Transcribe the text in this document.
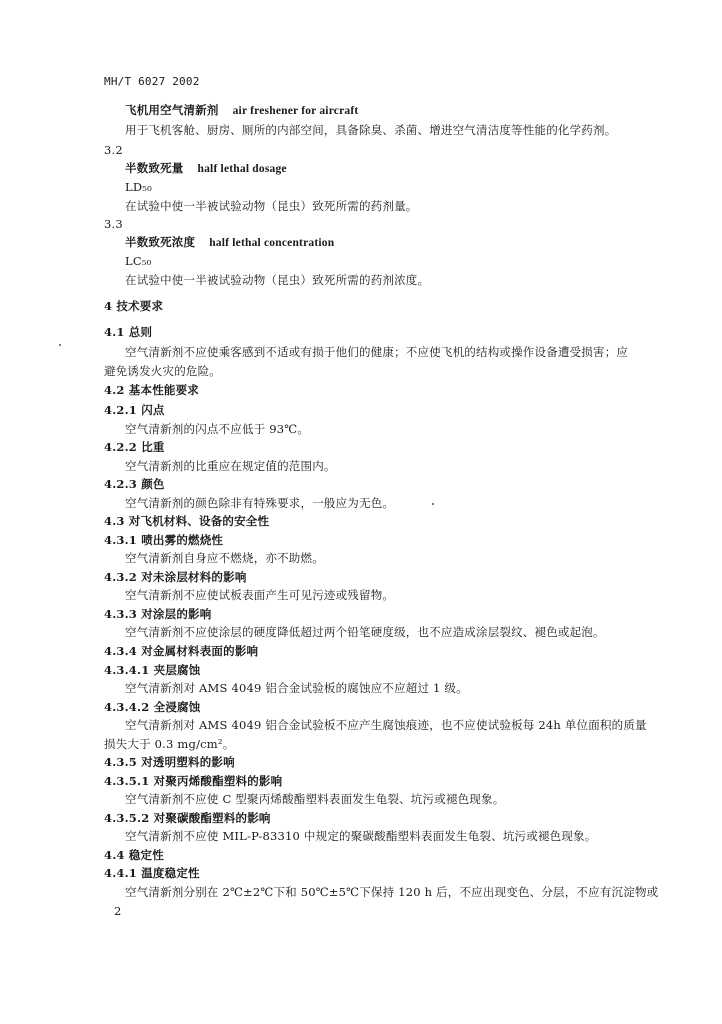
MH/T 6027 2002
飞机用空气清新剂 air freshener for aircraft
用于飞机客舱、厨房、厕所的内部空间，具备除臭、杀菌、增进空气清洁度等性能的化学药剂。
3.2
半数致死量 half lethal dosage
LD₅₀
在试验中使一半被试验动物（昆虫）致死所需的药剂量。
3.3
半数致死浓度 half lethal concentration
LC₅₀
在试验中使一半被试验动物（昆虫）致死所需的药剂浓度。
4 技术要求
4.1 总则
空气清新剂不应使乘客感到不适或有损于他们的健康；不应使飞机的结构或操作设备遭受损害；应
避免诱发火灾的危险。
4.2 基本性能要求
4.2.1 闪点
空气清新剂的闪点不应低于 93℃。
4.2.2 比重
空气清新剂的比重应在规定值的范围内。
4.2.3 颜色
空气清新剂的颜色除非有特殊要求，一般应为无色。
4.3 对飞机材料、设备的安全性
4.3.1 喷出雾的燃烧性
空气清新剂自身应不燃烧，亦不助燃。
4.3.2 对未涂层材料的影响
空气清新剂不应使试板表面产生可见污迹或残留物。
4.3.3 对涂层的影响
空气清新剂不应使涂层的硬度降低超过两个铅笔硬度级，也不应造成涂层裂纹、褪色或起泡。
4.3.4 对金属材料表面的影响
4.3.4.1 夹层腐蚀
空气清新剂对 AMS 4049 铝合金试验板的腐蚀应不应超过 1 级。
4.3.4.2 全浸腐蚀
空气清新剂对 AMS 4049 铝合金试验板不应产生腐蚀痕迹，也不应使试验板每 24h 单位面积的质量
损失大于 0.3 mg/cm²。
4.3.5 对透明塑料的影响
4.3.5.1 对聚丙烯酸酯塑料的影响
空气清新剂不应使 C 型聚丙烯酸酯塑料表面发生龟裂、坑污或褪色现象。
4.3.5.2 对聚碳酸酯塑料的影响
空气清新剂不应使 MIL-P-83310 中规定的聚碳酸酯塑料表面发生龟裂、坑污或褪色现象。
4.4 稳定性
4.4.1 温度稳定性
空气清新剂分别在 2℃±2℃下和 50℃±5℃下保持 120 h 后，不应出现变色、分层，不应有沉淀物或
2
